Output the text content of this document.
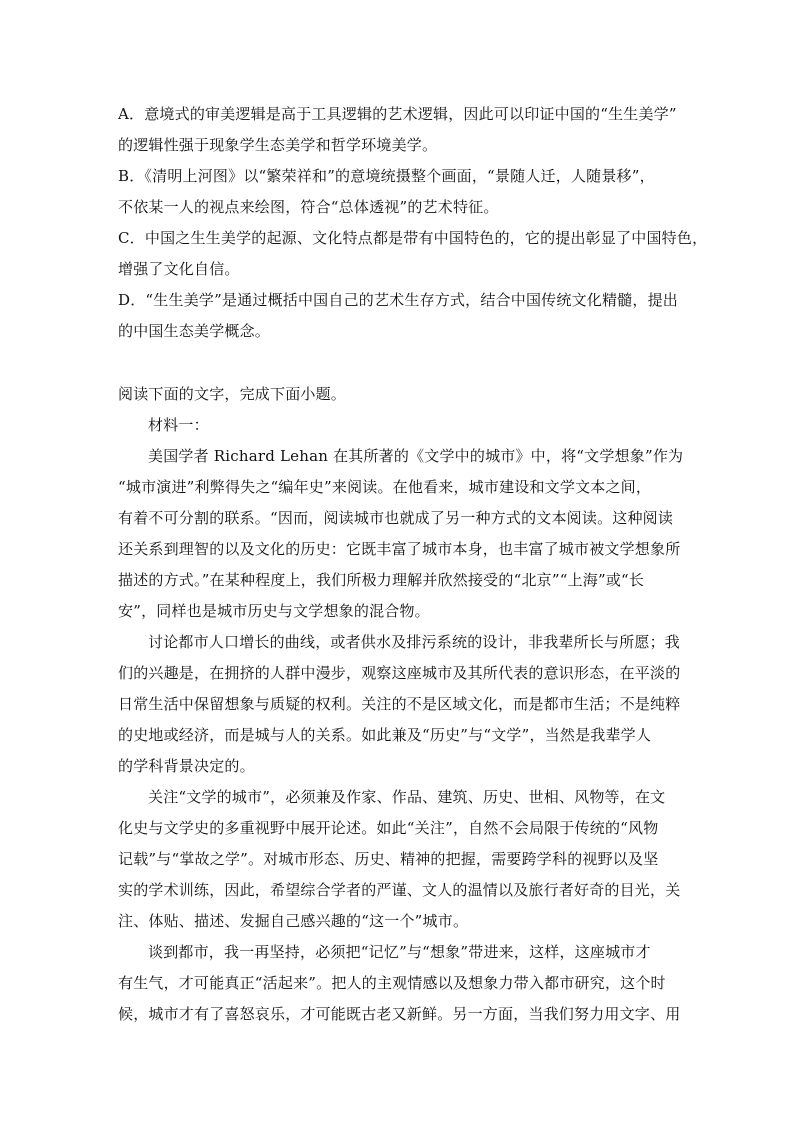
A．意境式的审美逻辑是高于工具逻辑的艺术逻辑，因此可以印证中国的“生生美学”
的逻辑性强于现象学生态美学和哲学环境美学。
B．《清明上河图》以“繁荣祥和”的意境统摄整个画面，“景随人迁，人随景移”，
不依某一人的视点来绘图，符合“总体透视”的艺术特征。
C．中国之生生美学的起源、文化特点都是带有中国特色的，它的提出彰显了中国特色，
增强了文化自信。
D．“生生美学”是通过概括中国自己的艺术生存方式，结合中国传统文化精髓，提出
的中国生态美学概念。
阅读下面的文字，完成下面小题。
材料一：
美国学者 Richard Lehan 在其所著的《文学中的城市》中，将“文学想象”作为
“城市演进”利弊得失之“编年史”来阅读。在他看来，城市建设和文学文本之间，
有着不可分割的联系。“因而，阅读城市也就成了另一种方式的文本阅读。这种阅读
还关系到理智的以及文化的历史：它既丰富了城市本身，也丰富了城市被文学想象所
描述的方式。”在某种程度上，我们所极力理解并欣然接受的“北京”“上海”或“长
安”，同样也是城市历史与文学想象的混合物。
讨论都市人口增长的曲线，或者供水及排污系统的设计，非我辈所长与所愿；我
们的兴趣是，在拥挤的人群中漫步，观察这座城市及其所代表的意识形态，在平淡的
日常生活中保留想象与质疑的权利。关注的不是区域文化，而是都市生活；不是纯粹
的史地或经济，而是城与人的关系。如此兼及“历史”与“文学”，当然是我辈学人
的学科背景决定的。
关注“文学的城市”，必须兼及作家、作品、建筑、历史、世相、风物等，在文
化史与文学史的多重视野中展开论述。如此“关注”，自然不会局限于传统的“风物
记载”与“掌故之学”。对城市形态、历史、精神的把握，需要跨学科的视野以及坚
实的学术训练，因此，希望综合学者的严谨、文人的温情以及旅行者好奇的目光，关
注、体贴、描述、发掘自己感兴趣的“这一个”城市。
谈到都市，我一再坚持，必须把“记忆”与“想象”带进来，这样，这座城市才
有生气，才可能真正“活起来”。把人的主观情感以及想象力带入都市研究，这个时
候，城市才有了喜怒哀乐，才可能既古老又新鲜。另一方面，当我们努力用文字、用
